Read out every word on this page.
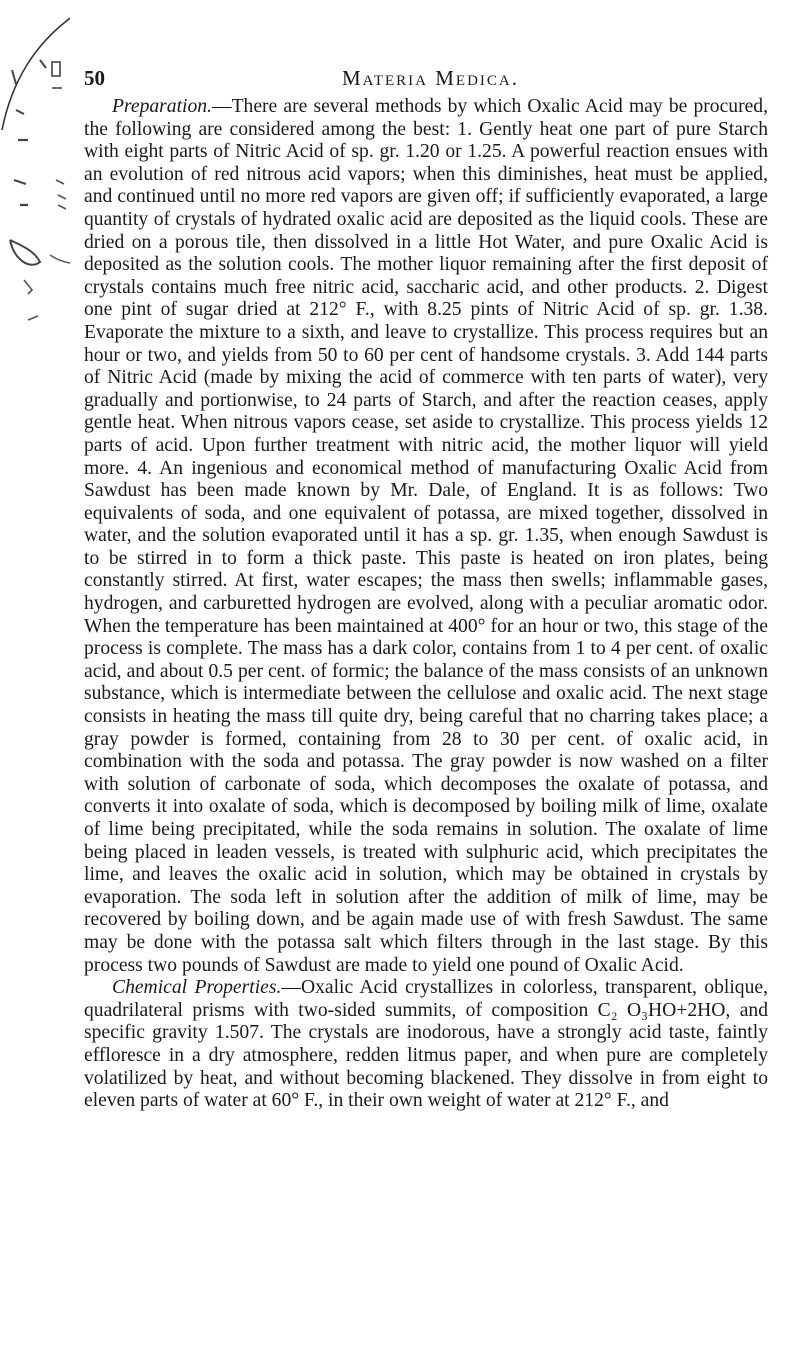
50	Materia Medica.

Preparation.—There are several methods by which Oxalic Acid may be procured, the following are considered among the best: 1. Gently heat one part of pure Starch with eight parts of Nitric Acid of sp. gr. 1.20 or 1.25. A powerful reaction ensues with an evolution of red nitrous acid vapors; when this diminishes, heat must be applied, and continued until no more red vapors are given off; if sufficiently evaporated, a large quantity of crystals of hydrated oxalic acid are deposited as the liquid cools. These are dried on a porous tile, then dissolved in a little Hot Water, and pure Oxalic Acid is deposited as the solution cools. The mother liquor remaining after the first deposit of crystals contains much free nitric acid, saccharic acid, and other products. 2. Digest one pint of sugar dried at 212° F., with 8.25 pints of Nitric Acid of sp. gr. 1.38. Evaporate the mixture to a sixth, and leave to crystallize. This process requires but an hour or two, and yields from 50 to 60 per cent of handsome crystals. 3. Add 144 parts of Nitric Acid (made by mixing the acid of commerce with ten parts of water), very gradually and portionwise, to 24 parts of Starch, and after the reaction ceases, apply gentle heat. When nitrous vapors cease, set aside to crystallize. This process yields 12 parts of acid. Upon further treatment with nitric acid, the mother liquor will yield more. 4. An ingenious and economical method of manufacturing Oxalic Acid from Sawdust has been made known by Mr. Dale, of England. It is as follows: Two equivalents of soda, and one equivalent of potassa, are mixed together, dissolved in water, and the solution evaporated until it has a sp. gr. 1.35, when enough Sawdust is to be stirred in to form a thick paste. This paste is heated on iron plates, being constantly stirred. At first, water escapes; the mass then swells; inflammable gases, hydrogen, and carburetted hydrogen are evolved, along with a peculiar aromatic odor. When the temperature has been maintained at 400° for an hour or two, this stage of the process is complete. The mass has a dark color, contains from 1 to 4 per cent. of oxalic acid, and about 0.5 per cent. of formic; the balance of the mass consists of an unknown substance, which is intermediate between the cellulose and oxalic acid. The next stage consists in heating the mass till quite dry, being careful that no charring takes place; a gray powder is formed, containing from 28 to 30 per cent. of oxalic acid, in combination with the soda and potassa. The gray powder is now washed on a filter with solution of carbonate of soda, which decomposes the oxalate of potassa, and converts it into oxalate of soda, which is decomposed by boiling milk of lime, oxalate of lime being precipitated, while the soda remains in solution. The oxalate of lime being placed in leaden vessels, is treated with sulphuric acid, which precipitates the lime, and leaves the oxalic acid in solution, which may be obtained in crystals by evaporation. The soda left in solution after the addition of milk of lime, may be recovered by boiling down, and be again made use of with fresh Sawdust. The same may be done with the potassa salt which filters through in the last stage. By this process two pounds of Sawdust are made to yield one pound of Oxalic Acid.

Chemical Properties.—Oxalic Acid crystallizes in colorless, transparent, oblique, quadrilateral prisms with two-sided summits, of composition C₂ O₃HO+2HO, and specific gravity 1.507. The crystals are inodorous, have a strongly acid taste, faintly effloresce in a dry atmosphere, redden litmus paper, and when pure are completely volatilized by heat, and without becoming blackened. They dissolve in from eight to eleven parts of water at 60° F., in their own weight of water at 212° F., and
